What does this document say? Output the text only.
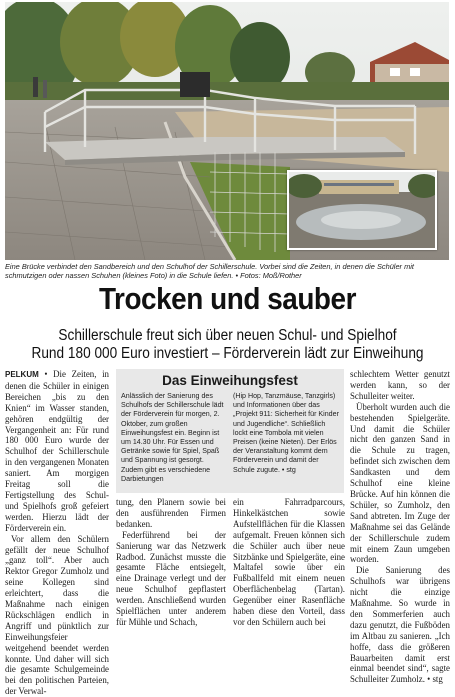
Eine Brücke verbindet den Sandbereich und den Schulhof der Schillerschule. Vorbei sind die Zeiten, in denen die Schüler mit schmutzigen oder nassen Schuhen (kleines Foto) in die Schule liefen. • Fotos: Moß/Rother
Trocken und sauber
Schillerschule freut sich über neuen Schul- und Spielhof
Rund 180 000 Euro investiert – Förderverein lädt zur Einweihung

PELKUM • Die Zeiten, in denen die Schüler in einigen Bereichen „bis zu den Knien“ im Wasser standen, gehören endgültig der Vergangenheit an: Für rund 180 000 Euro wurde der Schulhof der Schillerschule in den vergangenen Monaten saniert. Am morgigen Freitag soll die Fertigstellung des Schul- und Spielhofs groß gefeiert werden. Hierzu lädt der Förderverein ein.

Vor allem den Schülern gefällt der neue Schulhof „ganz toll“. Aber auch Rektor Gregor Zumholz und seine Kollegen sind erleichtert, dass die Maßnahme nach einigen Rückschlägen endlich in Angriff und pünktlich zur Einweihungsfeier weitgehend beendet werden konnte. Und daher will sich die gesamte Schulgemeinde bei den politischen Parteien, der Verwal-

Das Einweihungsfest
Anlässlich der Sanierung des Schulhofs der Schillerschule lädt der Förderverein für morgen, 2. Oktober, zum großen Einweihungsfest ein. Beginn ist um 14.30 Uhr. Für Essen und Getränke sowie für Spiel, Spaß und Spannung ist gesorgt. Zudem gibt es verschiedene Darbietungen
(Hip Hop, Tanzmäuse, Tanzgirls) und Informationen über das „Projekt 911: Sicherheit für Kinder und Jugendliche“. Schließlich lockt eine Tombola mit vielen Preisen (keine Nieten). Der Erlös der Veranstaltung kommt dem Förderverein und damit der Schule zugute. • stg

tung, den Planern sowie bei den ausführenden Firmen bedanken.

Federführend bei der Sanierung war das Netzwerk Radbod. Zunächst musste die gesamte Fläche entsiegelt, eine Drainage verlegt und der neue Schulhof gepflastert werden. Anschließend wurden Spielflächen unter anderem für Mühle und Schach,

ein Fahrradparcours, Hinkelkästchen sowie Aufstellflächen für die Klassen aufgemalt. Freuen können sich die Schüler auch über neue Sitzbänke und Spielgeräte, eine Maltafel sowie über ein Fußballfeld mit einem neuen Oberflächenbelag (Tartan). Gegenüber einer Rasenfläche haben diese den Vorteil, dass vor den Schülern auch bei

schlechtem Wetter genutzt werden kann, so der Schulleiter weiter.

Überholt wurden auch die bestehenden Spielgeräte. Und damit die Schüler nicht den ganzen Sand in die Schule zu tragen, befindet sich zwischen dem Sandkasten und dem Schulhof eine kleine Brücke. Auf hin können die Schüler, so Zumholz, den Sand abtreten. Im Zuge der Maßnahme sei das Gelände der Schillerschule zudem mit einem Zaun umgeben worden.

Die Sanierung des Schulhofs war übrigens nicht die einzige Maßnahme. So wurde in den Sommerferien auch dazu genutzt, die Fußböden im Altbau zu sanieren. „Ich hoffe, dass die größeren Bauarbeiten damit erst einmal beendet sind“, sagte Schulleiter Zumholz. • stg
